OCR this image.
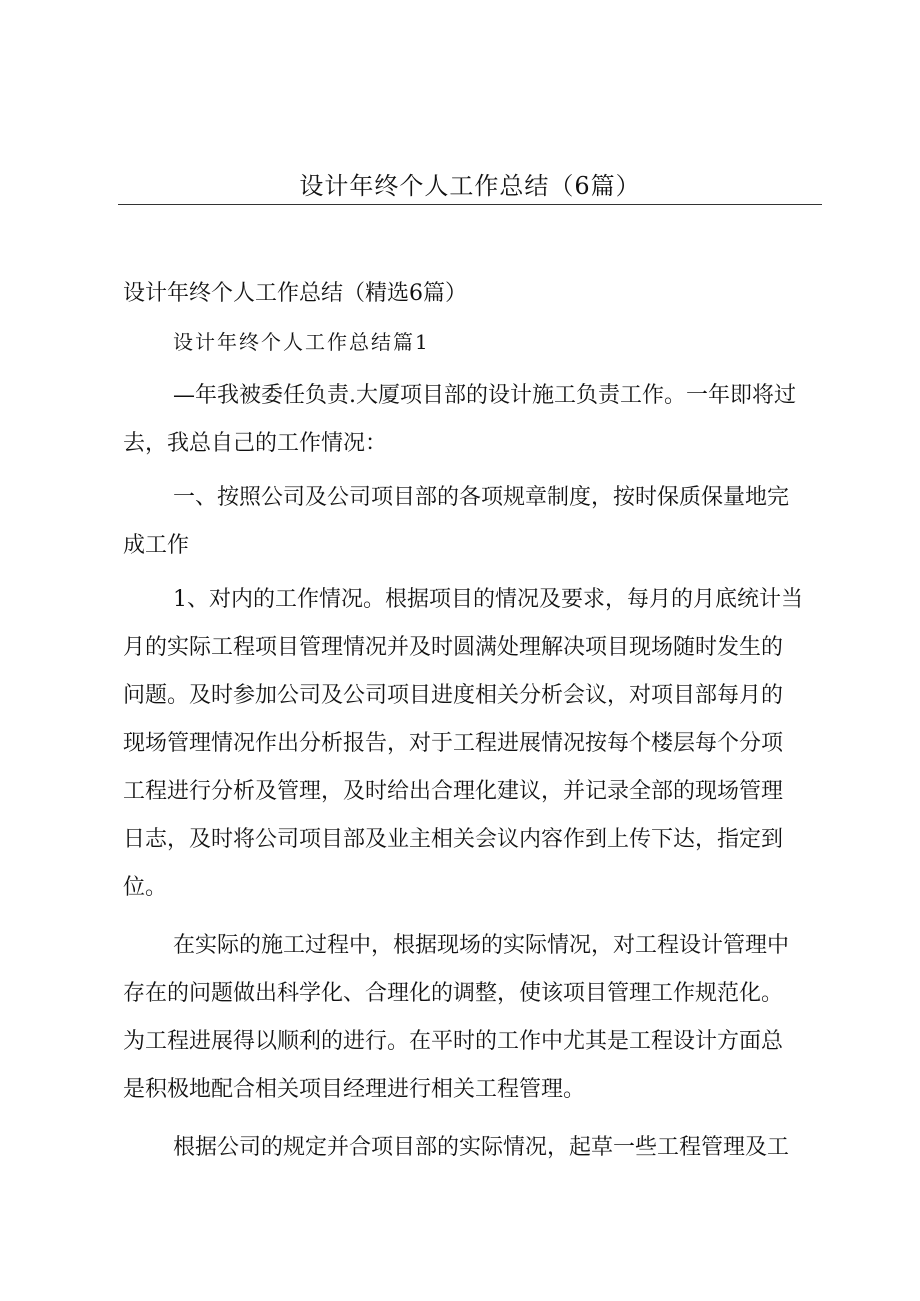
设计年终个人工作总结（6篇）
设计年终个人工作总结（精选6篇）
设计年终个人工作总结篇1
—年我被委任负责.大厦项目部的设计施工负责工作。一年即将过
去，我总自己的工作情况：
一、按照公司及公司项目部的各项规章制度，按时保质保量地完
成工作
1、对内的工作情况。根据项目的情况及要求，每月的月底统计当
月的实际工程项目管理情况并及时圆满处理解决项目现场随时发生的
问题。及时参加公司及公司项目进度相关分析会议，对项目部每月的
现场管理情况作出分析报告，对于工程进展情况按每个楼层每个分项
工程进行分析及管理，及时给出合理化建议，并记录全部的现场管理
日志，及时将公司项目部及业主相关会议内容作到上传下达，指定到
位。
在实际的施工过程中，根据现场的实际情况，对工程设计管理中
存在的问题做出科学化、合理化的调整，使该项目管理工作规范化。
为工程进展得以顺利的进行。在平时的工作中尤其是工程设计方面总
是积极地配合相关项目经理进行相关工程管理。
根据公司的规定并合项目部的实际情况，起草一些工程管理及工
